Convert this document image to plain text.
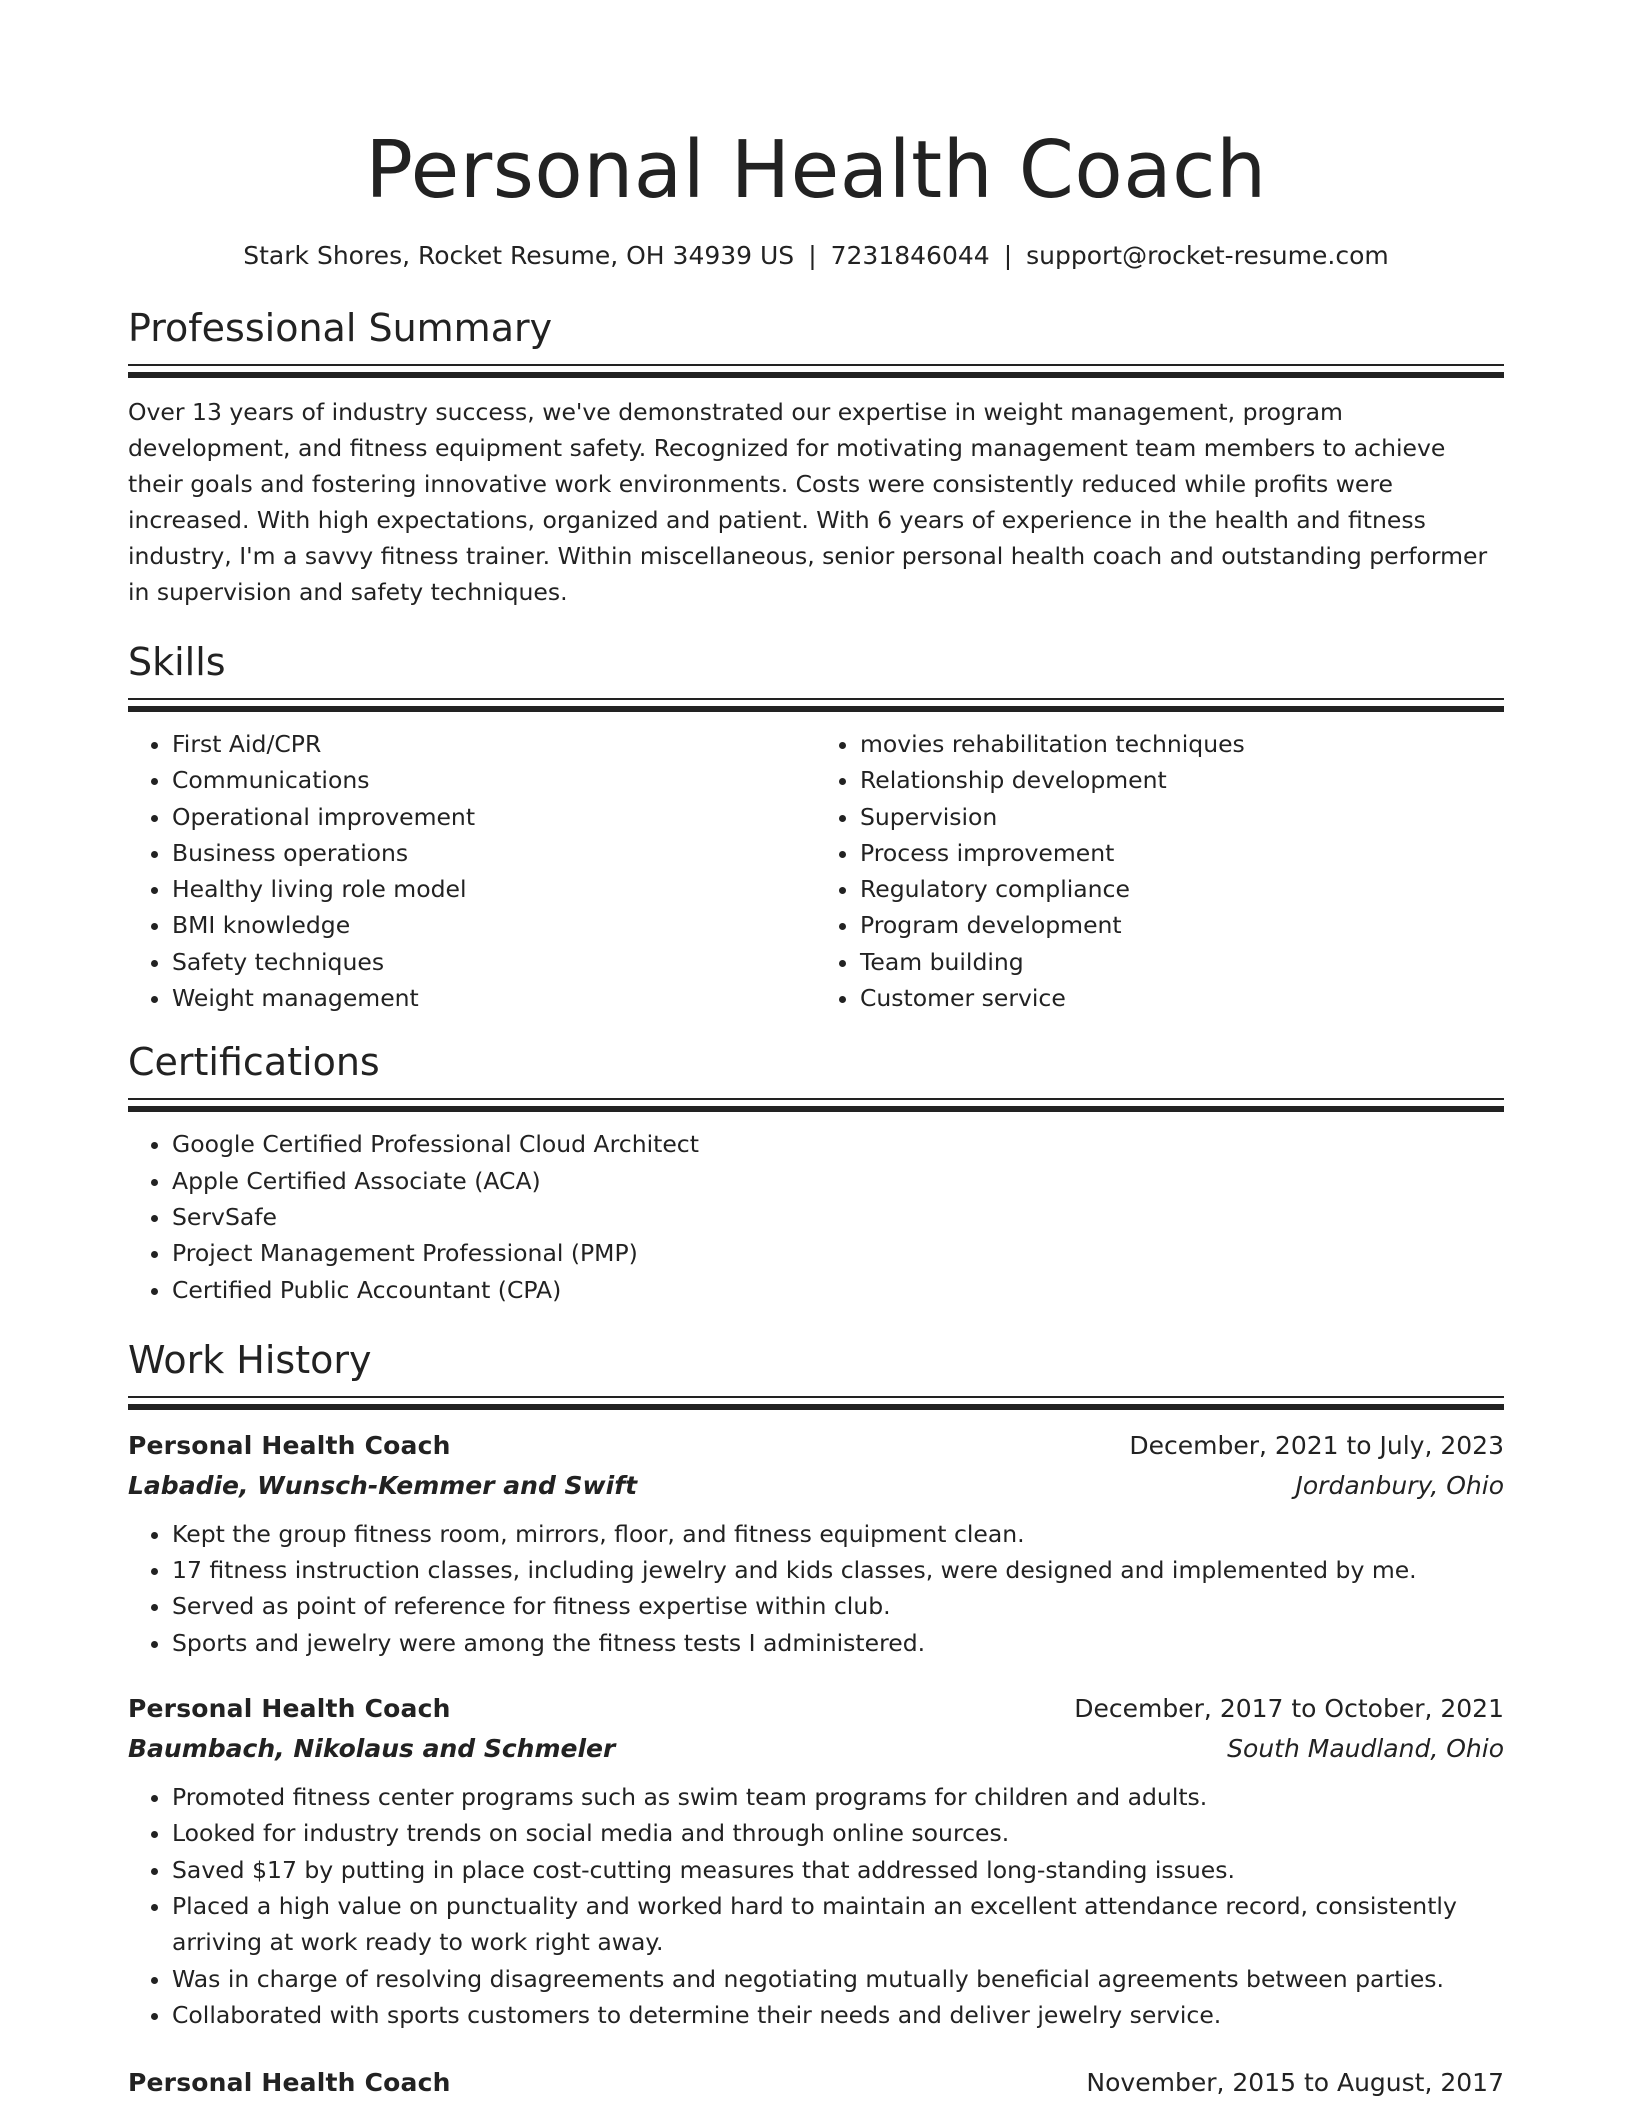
Personal Health Coach
Stark Shores, Rocket Resume, OH 34939 US | 7231846044 | support@rocket-resume.com
Professional Summary
Over 13 years of industry success, we've demonstrated our expertise in weight management, program development, and fitness equipment safety. Recognized for motivating management team members to achieve their goals and fostering innovative work environments. Costs were consistently reduced while profits were increased. With high expectations, organized and patient. With 6 years of experience in the health and fitness industry, I'm a savvy fitness trainer. Within miscellaneous, senior personal health coach and outstanding performer in supervision and safety techniques.
Skills
• First Aid/CPR
• Communications
• Operational improvement
• Business operations
• Healthy living role model
• BMI knowledge
• Safety techniques
• Weight management
• movies rehabilitation techniques
• Relationship development
• Supervision
• Process improvement
• Regulatory compliance
• Program development
• Team building
• Customer service
Certifications
• Google Certified Professional Cloud Architect
• Apple Certified Associate (ACA)
• ServSafe
• Project Management Professional (PMP)
• Certified Public Accountant (CPA)
Work History
Personal Health Coach	December, 2021 to July, 2023
Labadie, Wunsch-Kemmer and Swift	Jordanbury, Ohio
• Kept the group fitness room, mirrors, floor, and fitness equipment clean.
• 17 fitness instruction classes, including jewelry and kids classes, were designed and implemented by me.
• Served as point of reference for fitness expertise within club.
• Sports and jewelry were among the fitness tests I administered.
Personal Health Coach	December, 2017 to October, 2021
Baumbach, Nikolaus and Schmeler	South Maudland, Ohio
• Promoted fitness center programs such as swim team programs for children and adults.
• Looked for industry trends on social media and through online sources.
• Saved $17 by putting in place cost-cutting measures that addressed long-standing issues.
• Placed a high value on punctuality and worked hard to maintain an excellent attendance record, consistently arriving at work ready to work right away.
• Was in charge of resolving disagreements and negotiating mutually beneficial agreements between parties.
• Collaborated with sports customers to determine their needs and deliver jewelry service.
Personal Health Coach	November, 2015 to August, 2017
